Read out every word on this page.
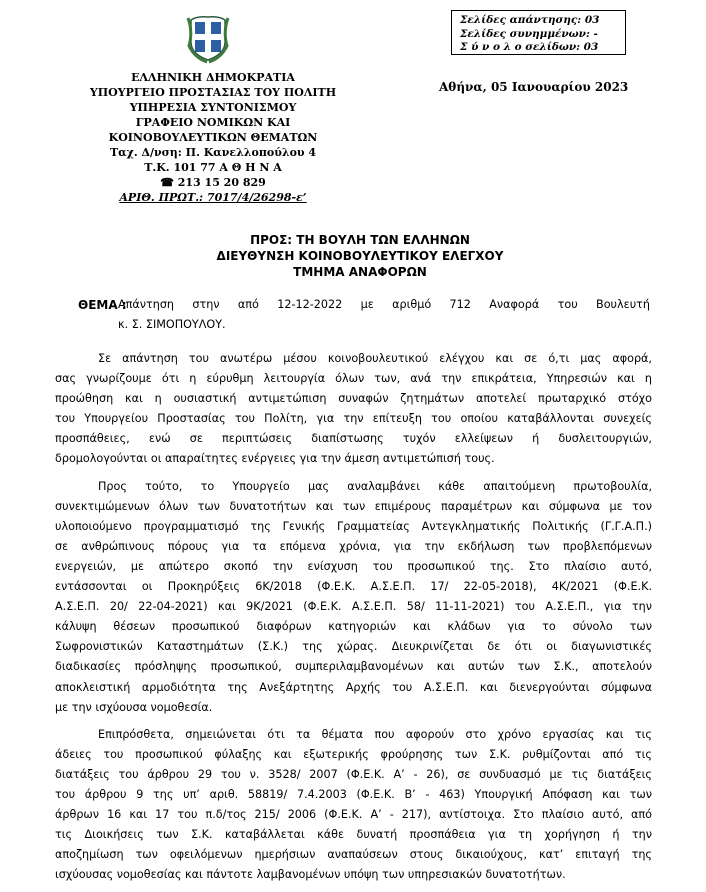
Σελίδες απάντησης: 03
Σελίδες συνημμένων: -
Σ ύ ν ο λ ο σελίδων: 03
ΕΛΛΗΝΙΚΗ ΔΗΜΟΚΡΑΤΙΑ
ΥΠΟΥΡΓΕΙΟ ΠΡΟΣΤΑΣΙΑΣ ΤΟΥ ΠΟΛΙΤΗ
ΥΠΗΡΕΣΙΑ ΣΥΝΤΟΝΙΣΜΟΥ
ΓΡΑΦΕΙΟ ΝΟΜΙΚΩΝ ΚΑΙ
ΚΟΙΝΟΒΟΥΛΕΥΤΙΚΩΝ ΘΕΜΑΤΩΝ
Ταχ. Δ/νση: Π. Κανελλοπούλου 4
Τ.Κ. 101 77 Α Θ Η Ν Α
☎ 213 15 20 829
ΑΡΙΘ. ΠΡΩΤ.: 7017/4/26298-ε’
Αθήνα, 05 Ιανουαρίου 2023
ΠΡΟΣ: ΤΗ ΒΟΥΛΗ ΤΩΝ ΕΛΛΗΝΩΝ
ΔΙΕΥΘΥΝΣΗ ΚΟΙΝΟΒΟΥΛΕΥΤΙΚΟΥ ΕΛΕΓΧΟΥ
ΤΜΗΜΑ ΑΝΑΦΟΡΩΝ
ΘΕΜΑ :
Απάντηση στην από 12-12-2022 με αριθμό 712 Αναφορά του Βουλευτή
κ. Σ. ΣΙΜΟΠΟΥΛΟΥ.

Σε απάντηση του ανωτέρω μέσου κοινοβουλευτικού ελέγχου και σε ό,τι μας αφορά,
σας γνωρίζουμε ότι η εύρυθμη λειτουργία όλων των, ανά την επικράτεια, Υπηρεσιών και η
προώθηση και η ουσιαστική αντιμετώπιση συναφών ζητημάτων αποτελεί πρωταρχικό στόχο
του Υπουργείου Προστασίας του Πολίτη, για την επίτευξη του οποίου καταβάλλονται συνεχείς
προσπάθειες, ενώ σε περιπτώσεις διαπίστωσης τυχόν ελλείψεων ή δυσλειτουργιών,
δρομολογούνται οι απαραίτητες ενέργειες για την άμεση αντιμετώπισή τους.

Προς τούτο, το Υπουργείο μας αναλαμβάνει κάθε απαιτούμενη πρωτοβουλία,
συνεκτιμώμενων όλων των δυνατοτήτων και των επιμέρους παραμέτρων και σύμφωνα με τον
υλοποιούμενο προγραμματισμό της Γενικής Γραμματείας Αντεγκληματικής Πολιτικής (Γ.Γ.Α.Π.)
σε ανθρώπινους πόρους για τα επόμενα χρόνια, για την εκδήλωση των προβλεπόμενων
ενεργειών, με απώτερο σκοπό την ενίσχυση του προσωπικού της. Στο πλαίσιο αυτό,
εντάσσονται οι Προκηρύξεις 6Κ/2018 (Φ.Ε.Κ. Α.Σ.Ε.Π. 17/ 22-05-2018), 4Κ/2021 (Φ.Ε.Κ.
Α.Σ.Ε.Π. 20/ 22-04-2021) και 9Κ/2021 (Φ.Ε.Κ. Α.Σ.Ε.Π. 58/ 11-11-2021) του Α.Σ.Ε.Π., για την
κάλυψη θέσεων προσωπικού διαφόρων κατηγοριών και κλάδων για το σύνολο των
Σωφρονιστικών Καταστημάτων (Σ.Κ.) της χώρας. Διευκρινίζεται δε ότι οι διαγωνιστικές
διαδικασίες πρόσληψης προσωπικού, συμπεριλαμβανομένων και αυτών των Σ.Κ., αποτελούν
αποκλειστική αρμοδιότητα της Ανεξάρτητης Αρχής του Α.Σ.Ε.Π. και διενεργούνται σύμφωνα
με την ισχύουσα νομοθεσία.

Επιπρόσθετα, σημειώνεται ότι τα θέματα που αφορούν στο χρόνο εργασίας και τις
άδειες του προσωπικού φύλαξης και εξωτερικής φρούρησης των Σ.Κ. ρυθμίζονται από τις
διατάξεις του άρθρου 29 του ν. 3528/ 2007 (Φ.Ε.Κ. Α’ - 26), σε συνδυασμό με τις διατάξεις
του άρθρου 9 της υπ’ αριθ. 58819/ 7.4.2003 (Φ.Ε.Κ. Β’ - 463) Υπουργική Απόφαση και των
άρθρων 16 και 17 του π.δ/τος 215/ 2006 (Φ.Ε.Κ. Α’ - 217), αντίστοιχα. Στο πλαίσιο αυτό, από
τις Διοικήσεις των Σ.Κ. καταβάλλεται κάθε δυνατή προσπάθεια για τη χορήγηση ή την
αποζημίωση των οφειλόμενων ημερήσιων αναπαύσεων στους δικαιούχους, κατ’ επιταγή της
ισχύουσας νομοθεσίας και πάντοτε λαμβανομένων υπόψη των υπηρεσιακών δυνατοτήτων.
